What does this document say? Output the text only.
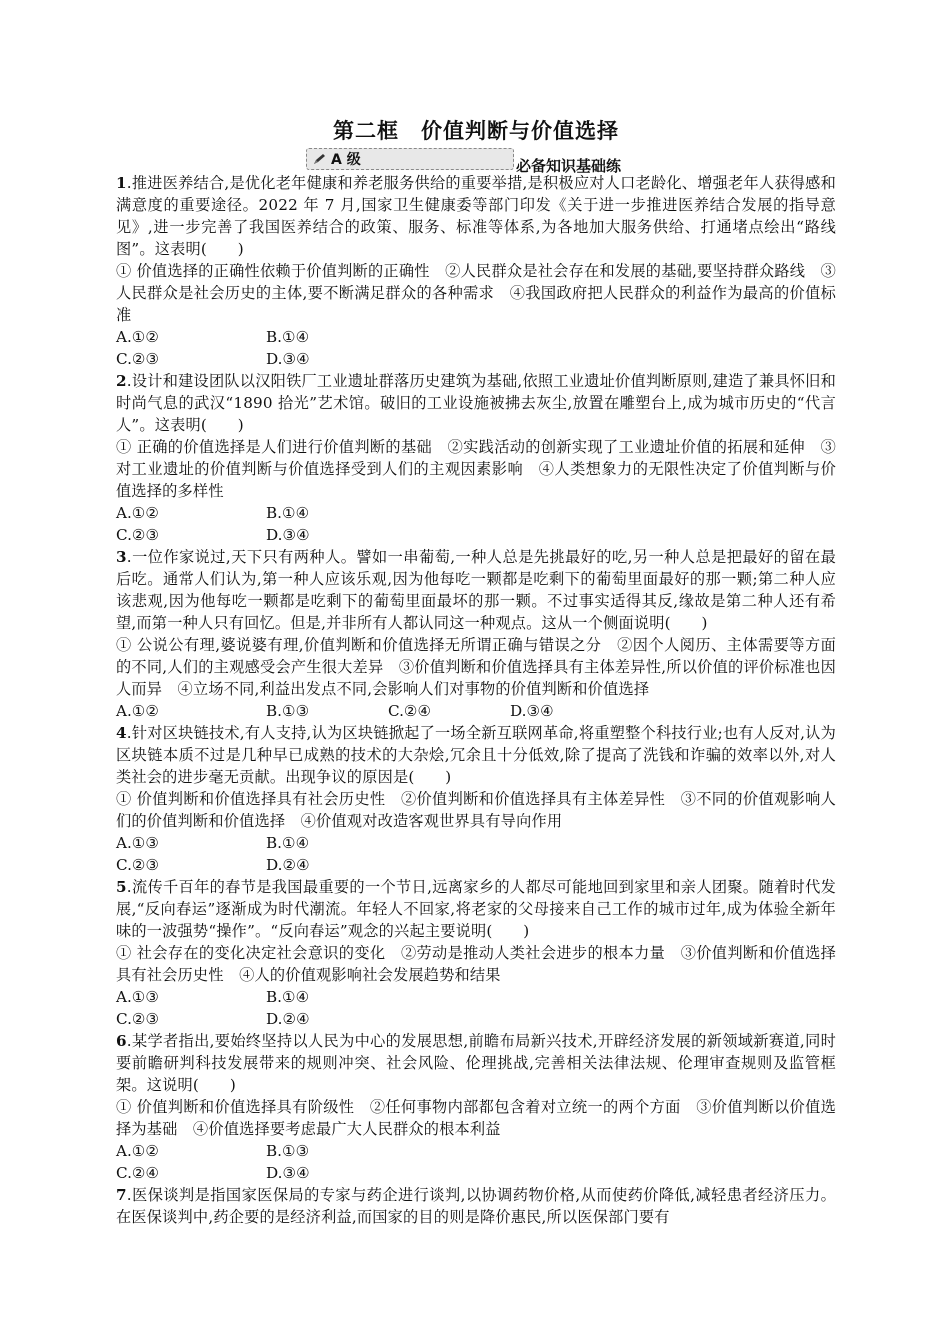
第二框　价值判断与价值选择
A 级	必备知识基础练
1.推进医养结合,是优化老年健康和养老服务供给的重要举措,是积极应对人口老龄化、增强老年人获得感和满意度的重要途径。2022 年 7 月,国家卫生健康委等部门印发《关于进一步推进医养结合发展的指导意见》,进一步完善了我国医养结合的政策、服务、标准等体系,为各地加大服务供给、打通堵点绘出“路线图”。这表明(　　)
① 价值选择的正确性依赖于价值判断的正确性　②人民群众是社会存在和发展的基础,要坚持群众路线　③人民群众是社会历史的主体,要不断满足群众的各种需求　④我国政府把人民群众的利益作为最高的价值标准
A.①②	B.①④
C.②③	D.③④
2.设计和建设团队以汉阳铁厂工业遗址群落历史建筑为基础,依照工业遗址价值判断原则,建造了兼具怀旧和时尚气息的武汉“1890 拾光”艺术馆。破旧的工业设施被拂去灰尘,放置在雕塑台上,成为城市历史的“代言人”。这表明(　　)
① 正确的价值选择是人们进行价值判断的基础　②实践活动的创新实现了工业遗址价值的拓展和延伸　③对工业遗址的价值判断与价值选择受到人们的主观因素影响　④人类想象力的无限性决定了价值判断与价值选择的多样性
A.①②	B.①④
C.②③	D.③④
3.一位作家说过,天下只有两种人。譬如一串葡萄,一种人总是先挑最好的吃,另一种人总是把最好的留在最后吃。通常人们认为,第一种人应该乐观,因为他每吃一颗都是吃剩下的葡萄里面最好的那一颗;第二种人应该悲观,因为他每吃一颗都是吃剩下的葡萄里面最坏的那一颗。不过事实适得其反,缘故是第二种人还有希望,而第一种人只有回忆。但是,并非所有人都认同这一种观点。这从一个侧面说明(　　)
① 公说公有理,婆说婆有理,价值判断和价值选择无所谓正确与错误之分　②因个人阅历、主体需要等方面的不同,人们的主观感受会产生很大差异　③价值判断和价值选择具有主体差异性,所以价值的评价标准也因人而异　④立场不同,利益出发点不同,会影响人们对事物的价值判断和价值选择
A.①②	B.①③	C.②④	D.③④
4.针对区块链技术,有人支持,认为区块链掀起了一场全新互联网革命,将重塑整个科技行业;也有人反对,认为区块链本质不过是几种早已成熟的技术的大杂烩,冗余且十分低效,除了提高了洗钱和诈骗的效率以外,对人类社会的进步毫无贡献。出现争议的原因是(　　)
① 价值判断和价值选择具有社会历史性　②价值判断和价值选择具有主体差异性　③不同的价值观影响人们的价值判断和价值选择　④价值观对改造客观世界具有导向作用
A.①③	B.①④
C.②③	D.②④
5.流传千百年的春节是我国最重要的一个节日,远离家乡的人都尽可能地回到家里和亲人团聚。随着时代发展,“反向春运”逐渐成为时代潮流。年轻人不回家,将老家的父母接来自己工作的城市过年,成为体验全新年味的一波强势“操作”。“反向春运”观念的兴起主要说明(　　)
① 社会存在的变化决定社会意识的变化　②劳动是推动人类社会进步的根本力量　③价值判断和价值选择具有社会历史性　④人的价值观影响社会发展趋势和结果
A.①③	B.①④
C.②③	D.②④
6.某学者指出,要始终坚持以人民为中心的发展思想,前瞻布局新兴技术,开辟经济发展的新领域新赛道,同时要前瞻研判科技发展带来的规则冲突、社会风险、伦理挑战,完善相关法律法规、伦理审查规则及监管框架。这说明(　　)
① 价值判断和价值选择具有阶级性　②任何事物内部都包含着对立统一的两个方面　③价值判断以价值选择为基础　④价值选择要考虑最广大人民群众的根本利益
A.①②	B.①③
C.②④	D.③④
7.医保谈判是指国家医保局的专家与药企进行谈判,以协调药物价格,从而使药价降低,减轻患者经济压力。在医保谈判中,药企要的是经济利益,而国家的目的则是降价惠民,所以医保部门要有
